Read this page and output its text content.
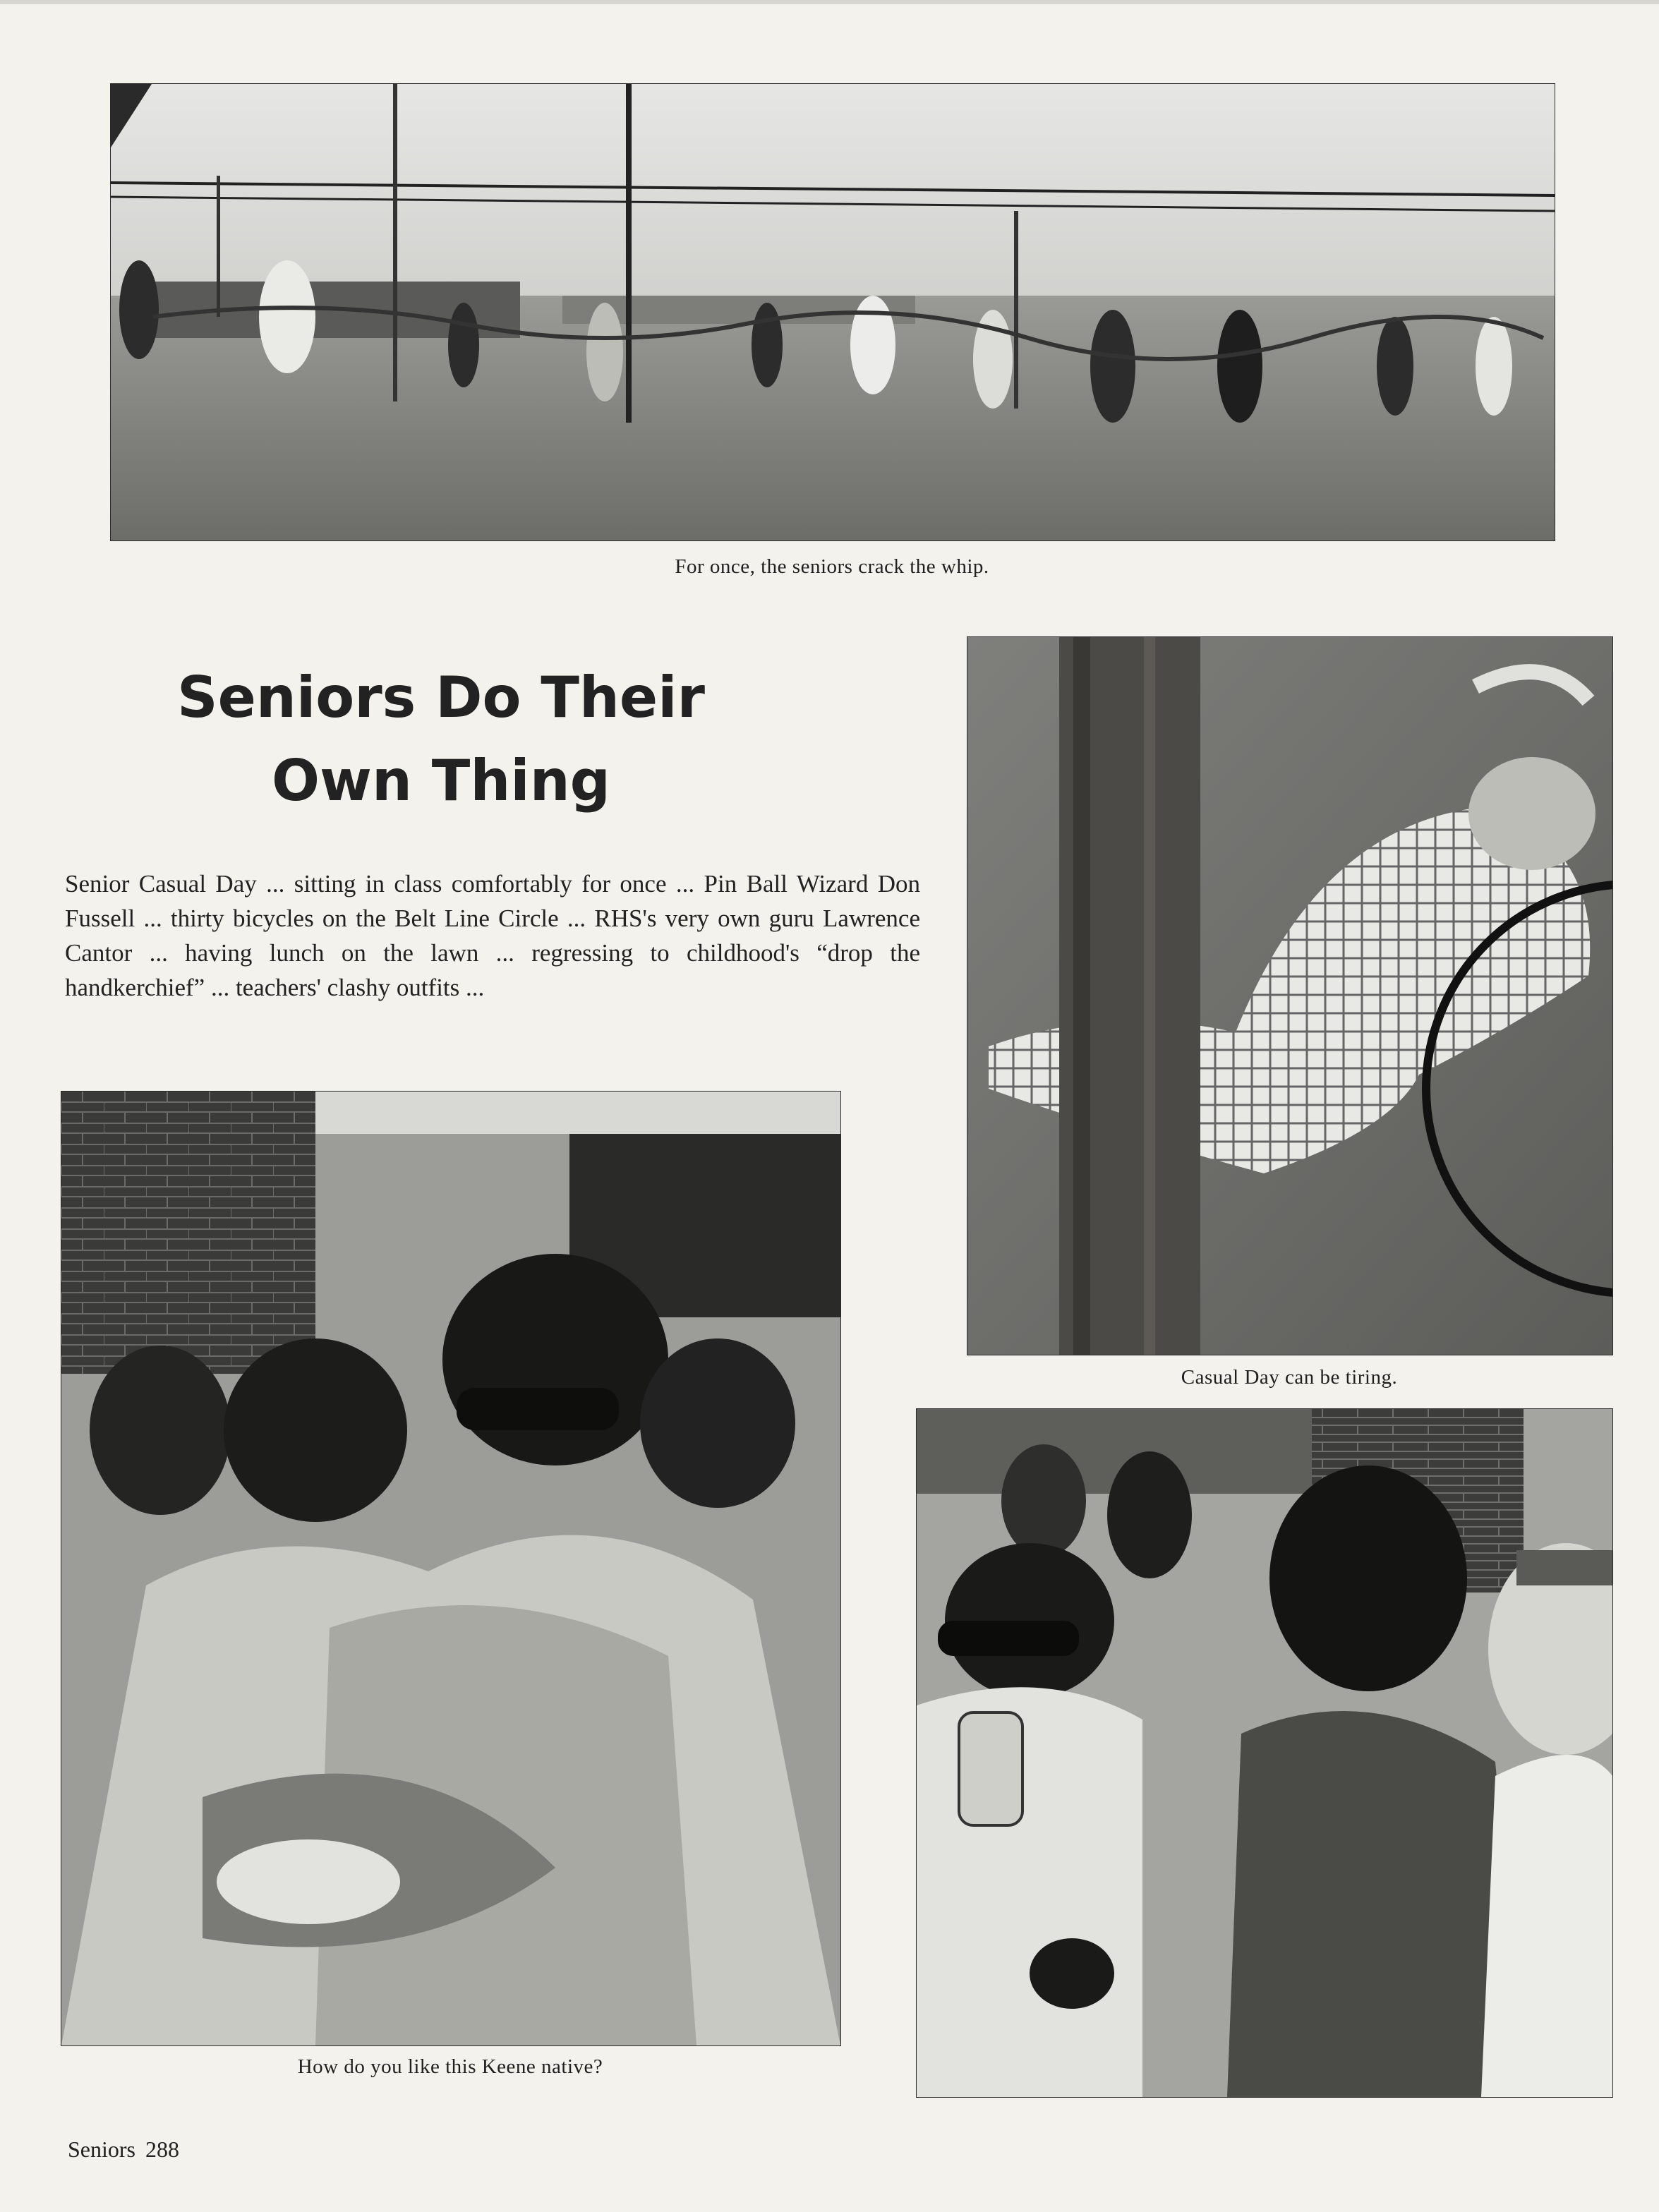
For once, the seniors crack the whip.
Casual Day can be tiring.
Seniors Do Their
Own Thing
Senior Casual Day ... sitting in class comfortably for once ... Pin Ball Wizard Don Fussell ... thirty bicycles on the Belt Line Circle ... RHS's very own guru Lawrence Cantor ... having lunch on the lawn ... regressing to childhood's “drop the handkerchief” ... teachers' clashy outfits ...
How do you like this Keene native?
Seniors 288
